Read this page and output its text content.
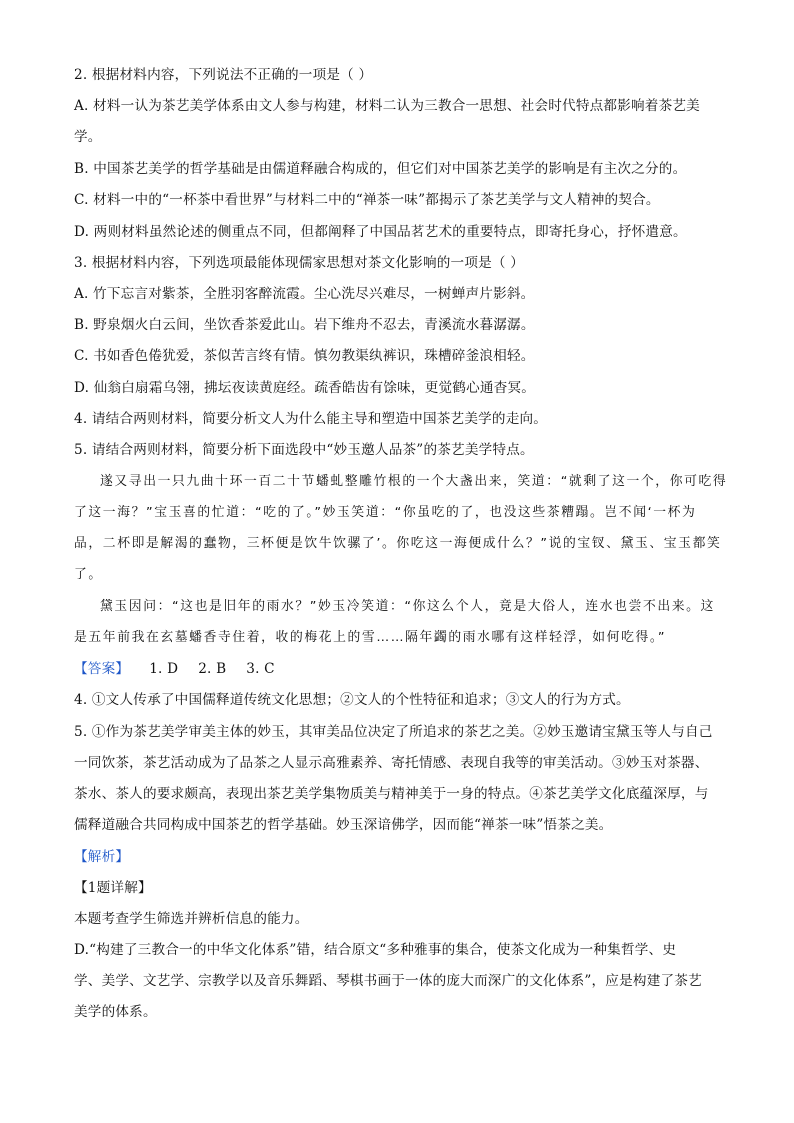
2. 根据材料内容，下列说法不正确的一项是（ ）
A. 材料一认为茶艺美学体系由文人参与构建，材料二认为三教合一思想、社会时代特点都影响着茶艺美
学。
B. 中国茶艺美学的哲学基础是由儒道释融合构成的，但它们对中国茶艺美学的影响是有主次之分的。
C. 材料一中的“一杯茶中看世界”与材料二中的“禅茶一味”都揭示了茶艺美学与文人精神的契合。
D. 两则材料虽然论述的侧重点不同，但都阐释了中国品茗艺术的重要特点，即寄托身心，抒怀遣意。
3. 根据材料内容，下列选项最能体现儒家思想对茶文化影响的一项是（ ）
A. 竹下忘言对紫茶，全胜羽客醉流霞。尘心洗尽兴难尽，一树蝉声片影斜。
B. 野泉烟火白云间，坐饮香茶爱此山。岩下维舟不忍去，青溪流水暮潺潺。
C. 书如香色倦犹爱，茶似苦言终有情。慎勿教渠纨裤识，珠槽碎釜浪相轻。
D. 仙翁白扇霜乌翎，拂坛夜读黄庭经。疏香皓齿有馀味，更觉鹤心通杳冥。
4. 请结合两则材料，简要分析文人为什么能主导和塑造中国茶艺美学的走向。
5. 请结合两则材料，简要分析下面选段中“妙玉邀人品茶”的茶艺美学特点。
遂又寻出一只九曲十环一百二十节蟠虬整雕竹根的一个大盏出来，笑道：“就剩了这一个，你可吃得
了这一海？”宝玉喜的忙道：“吃的了。”妙玉笑道：“你虽吃的了，也没这些茶糟蹋。岂不闻‘一杯为
品，二杯即是解渴的蠢物，三杯便是饮牛饮骡了’。你吃这一海便成什么？”说的宝钗、黛玉、宝玉都笑
了。
黛玉因问：“这也是旧年的雨水？”妙玉冷笑道：“你这么个人，竟是大俗人，连水也尝不出来。这
是五年前我在玄墓蟠香寺住着，收的梅花上的雪……隔年蠲的雨水哪有这样轻浮，如何吃得。”
【答案】 1. D 2. B 3. C
4. ①文人传承了中国儒释道传统文化思想；②文人的个性特征和追求；③文人的行为方式。
5. ①作为茶艺美学审美主体的妙玉，其审美品位决定了所追求的茶艺之美。②妙玉邀请宝黛玉等人与自己
一同饮茶，茶艺活动成为了品茶之人显示高雅素养、寄托情感、表现自我等的审美活动。③妙玉对茶器、
茶水、茶人的要求颇高，表现出茶艺美学集物质美与精神美于一身的特点。④茶艺美学文化底蕴深厚，与
儒释道融合共同构成中国茶艺的哲学基础。妙玉深谙佛学，因而能“禅茶一味”悟茶之美。
【解析】
【1题详解】
本题考查学生筛选并辨析信息的能力。
D.“构建了三教合一的中华文化体系”错，结合原文“多种雅事的集合，使茶文化成为一种集哲学、史
学、美学、文艺学、宗教学以及音乐舞蹈、琴棋书画于一体的庞大而深广的文化体系”，应是构建了茶艺
美学的体系。
